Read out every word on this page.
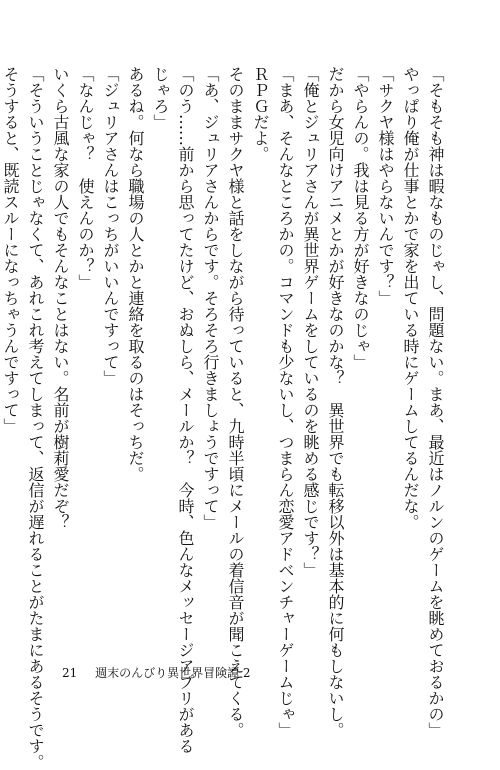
「そもそも神は暇なものじゃし、問題ない。まあ、最近はノルンのゲームを眺めておるかの」
やっぱり俺が仕事とかで家を出ている時にゲームしてるんだな。
「サクヤ様はやらないんです？」
「やらんの。我は見る方が好きなのじゃ」
だから女児向けアニメとかが好きなのかな？　異世界でも転移以外は基本的に何もしないし。
「俺とジュリアさんが異世界ゲームをしているのを眺める感じです？」
「まあ、そんなところかの。コマンドも少ないし、つまらん恋愛アドベンチャーゲームじゃ」
ＲＰＧだよ。
そのままサクヤ様と話をしながら待っていると、九時半頃にメールの着信音が聞こえてくる。
「あ、ジュリアさんからです。そろそろ行きましょうですって」
「のう……前から思ってたけど、おぬしら、メールか？　今時、色んなメッセージアプリがある
じゃろ」
あるね。何なら職場の人とかと連絡を取るのはそっちだ。
「ジュリアさんはこっちがいいんですって」
「なんじゃ？　使えんのか？」
いくら古風な家の人でもそんなことはない。名前が樹莉愛だぞ？
「そういうことじゃなくて、あれこれ考えてしまって、返信が遅れることがたまにあるそうです。
そうすると、既読スルーになっちゃうんですって」
21 週末のんびり異世界冒険譚 2
